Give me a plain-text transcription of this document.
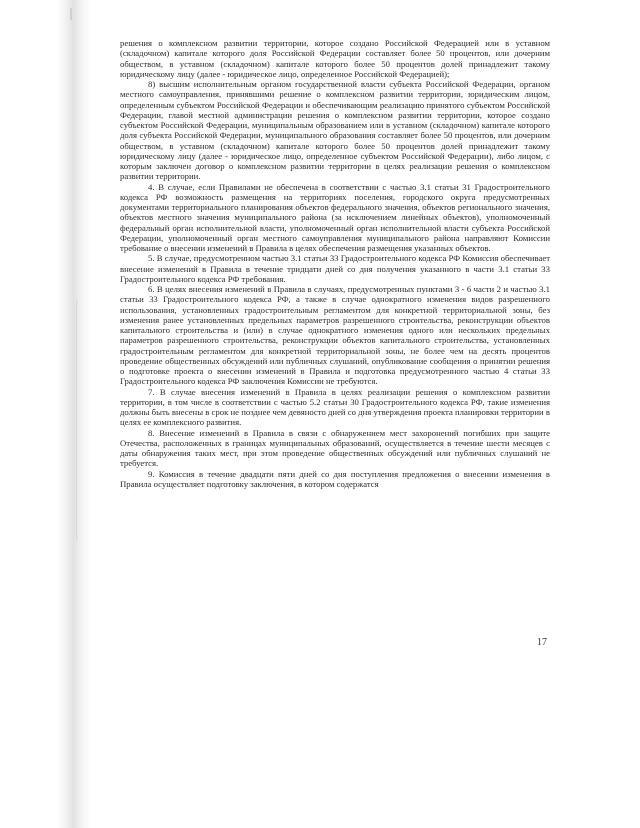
решения о комплексном развитии территории, которое создано Российской Федерацией или в уставном (складочном) капитале которого доля Российской Федерации составляет более 50 процентов, или дочерним обществом, в уставном (складочном) капитале которого более 50 процентов долей принадлежит такому юридическому лицу (далее - юридическое лицо, определенное Российской Федерацией);

8) высшим исполнительным органом государственной власти субъекта Российской Федерации, органом местного самоуправления, принявшими решение о комплексном развитии территории, юридическим лицом, определенным субъектом Российской Федерации и обеспечивающим реализацию принятого субъектом Российской Федерации, главой местной администрации решения о комплексном развитии территории, которое создано субъектом Российской Федерации, муниципальным образованием или в уставном (складочном) капитале которого доля субъекта Российской Федерации, муниципального образования составляет более 50 процентов, или дочерним обществом, в уставном (складочном) капитале которого более 50 процентов долей принадлежит такому юридическому лицу (далее - юридическое лицо, определенное субъектом Российской Федерации), либо лицом, с которым заключен договор о комплексном развитии территории в целях реализации решения о комплексном развитии территории.

4. В случае, если Правилами не обеспечена в соответствии с частью 3.1 статьи 31 Градостроительного кодекса РФ возможность размещения на территориях поселения, городского округа предусмотренных документами территориального планирования объектов федерального значения, объектов регионального значения, объектов местного значения муниципального района (за исключением линейных объектов), уполномоченный федеральный орган исполнительной власти, уполномоченный орган исполнительной власти субъекта Российской Федерации, уполномоченный орган местного самоуправления муниципального района направляют Комиссии требование о внесении изменений в Правила в целях обеспечения размещения указанных объектов.

5. В случае, предусмотренном частью 3.1 статьи 33 Градостроительного кодекса РФ Комиссия обеспечивает внесение изменений в Правила в течение тридцати дней со дня получения указанного в части 3.1 статьи 33 Градостроительного кодекса РФ требования.

6. В целях внесения изменений в Правила в случаях, предусмотренных пунктами 3 - 6 части 2 и частью 3.1 статьи 33 Градостроительного кодекса РФ, а также в случае однократного изменения видов разрешенного использования, установленных градостроительным регламентом для конкретной территориальной зоны, без изменения ранее установленных предельных параметров разрешенного строительства, реконструкции объектов капитального строительства и (или) в случае однократного изменения одного или нескольких предельных параметров разрешенного строительства, реконструкции объектов капитального строительства, установленных градостроительным регламентом для конкретной территориальной зоны, не более чем на десять процентов проведение общественных обсуждений или публичных слушаний, опубликование сообщения о принятии решения о подготовке проекта о внесении изменений в Правила и подготовка предусмотренного частью 4 статьи 33 Градостроительного кодекса РФ заключения Комиссии не требуются.

7. В случае внесения изменений в Правила в целях реализации решения о комплексном развитии территории, в том числе в соответствии с частью 5.2 статьи 30 Градостроительного кодекса РФ, такие изменения должны быть внесены в срок не позднее чем девяносто дней со дня утверждения проекта планировки территории в целях ее комплексного развития.

8. Внесение изменений в Правила в связи с обнаружением мест захоронений погибших при защите Отечества, расположенных в границах муниципальных образований, осуществляется в течение шести месяцев с даты обнаружения таких мест, при этом проведение общественных обсуждений или публичных слушаний не требуется.

9. Комиссия в течение двадцати пяти дней со дня поступления предложения о внесении изменения в Правила осуществляет подготовку заключения, в котором содержатся

17
